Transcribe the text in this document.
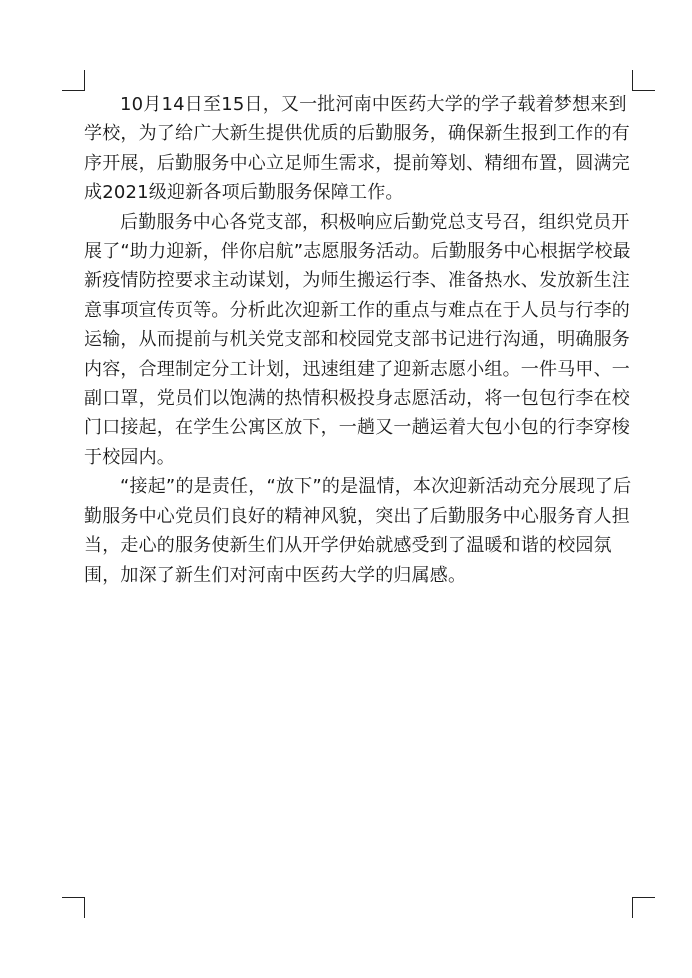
10月14日至15日，又一批河南中医药大学的学子载着梦想来到学校，为了给广大新生提供优质的后勤服务，确保新生报到工作的有序开展，后勤服务中心立足师生需求，提前筹划、精细布置，圆满完成2021级迎新各项后勤服务保障工作。

后勤服务中心各党支部，积极响应后勤党总支号召，组织党员开展了“助力迎新，伴你启航”志愿服务活动。后勤服务中心根据学校最新疫情防控要求主动谋划，为师生搬运行李、准备热水、发放新生注意事项宣传页等。分析此次迎新工作的重点与难点在于人员与行李的运输，从而提前与机关党支部和校园党支部书记进行沟通，明确服务内容，合理制定分工计划，迅速组建了迎新志愿小组。一件马甲、一副口罩，党员们以饱满的热情积极投身志愿活动，将一包包行李在校门口接起，在学生公寓区放下，一趟又一趟运着大包小包的行李穿梭于校园内。

“接起”的是责任，“放下”的是温情，本次迎新活动充分展现了后勤服务中心党员们良好的精神风貌，突出了后勤服务中心服务育人担当，走心的服务使新生们从开学伊始就感受到了温暖和谐的校园氛围，加深了新生们对河南中医药大学的归属感。
